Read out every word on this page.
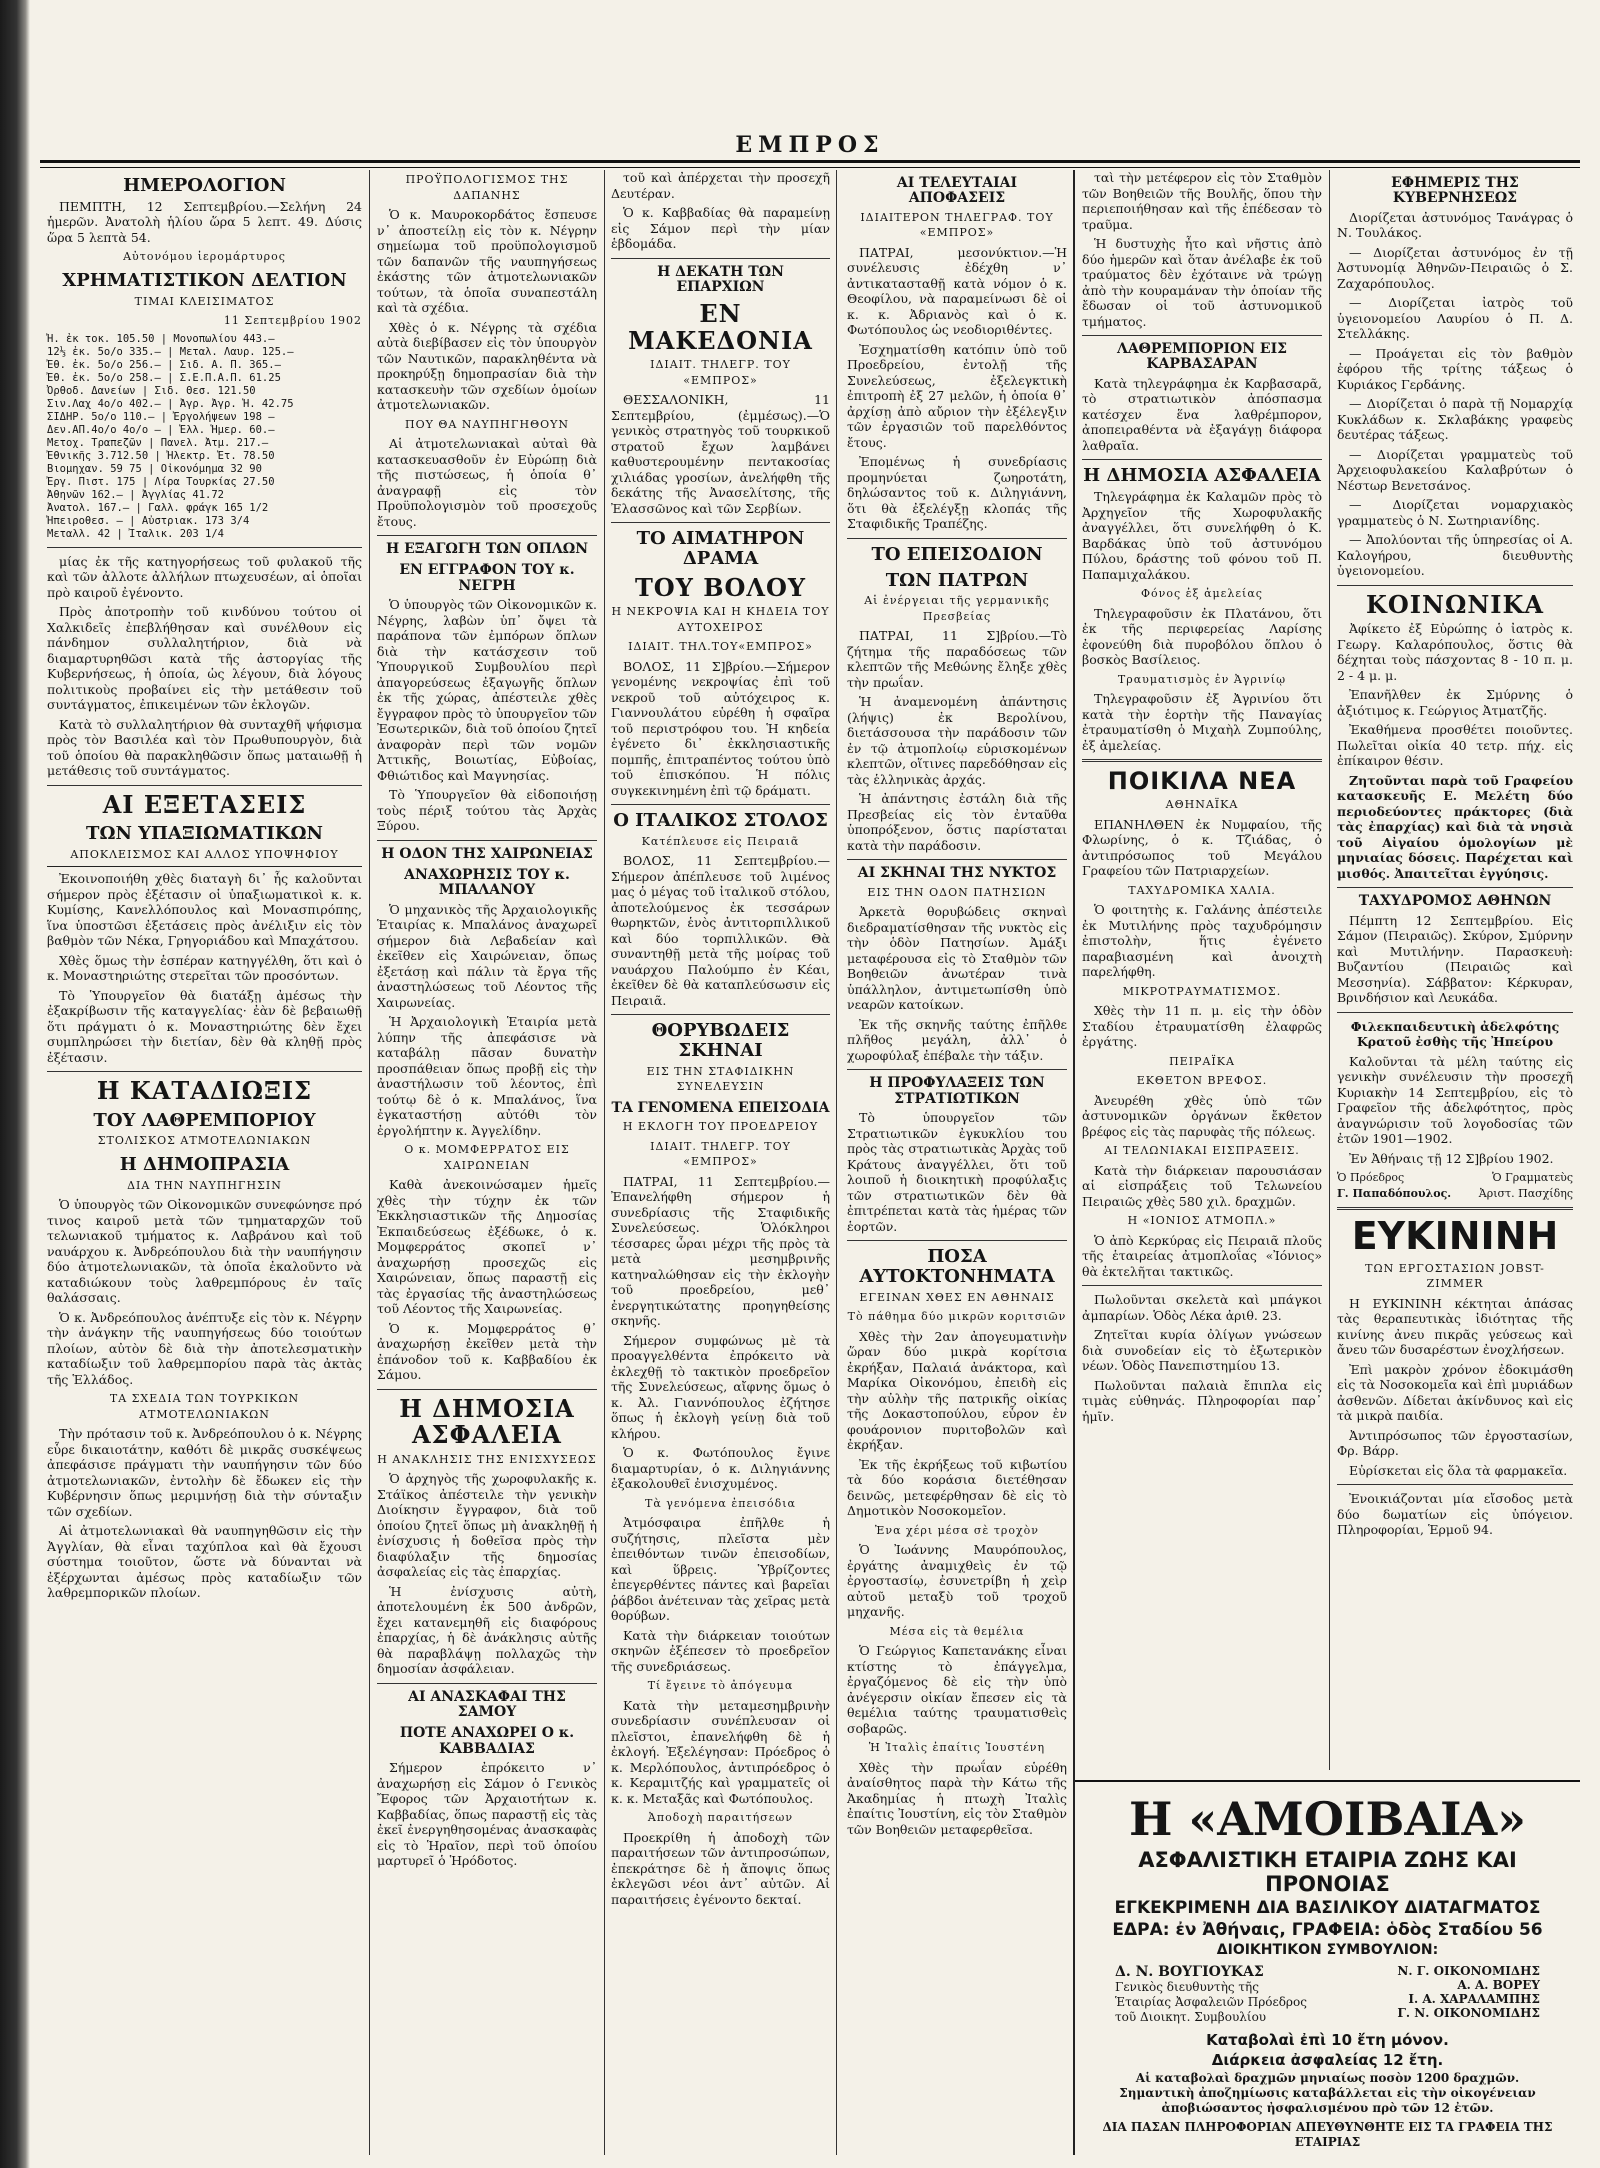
ΕΜΠΡΟΣ
ΗΜΕΡΟΛΟΓΙΟΝ

ΠΕΜΠΤΗ, 12 Σεπτεμβρίου.—Σελήνη 24 ἡμερῶν. Ἀνατολὴ ἡλίου ὥρα 5 λεπτ. 49. Δύσις ὥρα 5 λεπτὰ 54.

Αὐτονόμου ἱερομάρτυρος
ΧΡΗΜΑΤΙΣΤΙΚΟΝ ΔΕΛΤΙΟΝ
ΤΙΜΑΙ ΚΛΕΙΣΙΜΑΤΟΣ
11 Σεπτεμβρίου 1902
Ἠ. ἐκ τοκ. 105.50 | Μονοπωλίου 443.—
12⅓ ἐκ. 5ο/ο 335.— | Μεταλ. Λαυρ. 125.—
Ἐθ. ἐκ. 5ο/ο 256.— | Σιδ. Α. Π. 365.—
Ἐθ. ἐκ. 5ο/ο 258.— | Σ.Ε.Π.Α.Π. 61.25
Ὀρθοδ. Δανείων | Σιδ. Θεσ. 121.50
Σιν.Λαχ 4ο/ο 402.— | Ἀγρ. Ἀγρ. Ἡ. 42.75
ΣΙΔΗΡ. 5ο/ο 110.— | Ἐργολήψεων 198 —
Δεν.ΑΠ.4ο/ο 4ο/ο — | Ἑλλ. Ἡμερ. 60.—
Μετοχ. Τραπεζῶν | Πανελ. Ἀτμ. 217.—
Ἐθνικῆς 3.712.50 | Ἠλεκτρ. Ἑτ. 78.50
Βιομηχαν. 59 75 | Οἰκονόμημα 32 90
Ἐργ. Πιστ. 175 | Λίρα Τουρκίας 27.50
Ἀθηνῶν 162.— | Ἀγγλίας 41.72
Ἀνατολ. 167.— | Γαλλ. φράγκ 165 1/2
Ἠπειροθεσ. — | Αὐστριακ. 173 3/4
Μεταλλ. 42 | Ἰταλικ. 203 1/4

μίας ἐκ τῆς κατηγορήσεως τοῦ φυλακοῦ τῆς καὶ τῶν ἀλλοτε ἀλλήλων πτωχευσέων, αἱ ὁποῖαι πρὸ καιροῦ ἐγένοντο.

Πρὸς ἀποτροπὴν τοῦ κινδύνου τούτου οἱ Χαλκιδεῖς ἐπεβλήθησαν καὶ συνέλθουν εἰς πάνδημον συλλαλητήριον, διὰ νὰ διαμαρτυρηθῶσι κατὰ τῆς ἀστοργίας τῆς Κυβερνήσεως, ἡ ὁποία, ὡς λέγουν, διὰ λόγους πολιτικοὺς προβαίνει εἰς τὴν μετάθεσιν τοῦ συντάγματος, ἐπικειμένων τῶν ἐκλογῶν.

Κατὰ τὸ συλλαλητήριον θὰ συνταχθῆ ψήφισμα πρὸς τὸν Βασιλέα καὶ τὸν Πρωθυπουργὸν, διὰ τοῦ ὁποίου θὰ παρακληθῶσιν ὅπως ματαιωθῇ ἡ μετάθεσις τοῦ συντάγματος.

ΑΙ ΕΞΕΤΑΣΕΙΣ
ΤΩΝ ΥΠΑΞΙΩΜΑΤΙΚΩΝ
ΑΠΟΚΛΕΙΣΜΟΣ ΚΑΙ ΑΛΛΟΣ ΥΠΟΨΗΦΙΟΥ

Ἐκοινοποιήθη χθὲς διαταγὴ δι᾽ ἧς καλοῦνται σήμερον πρὸς ἐξέτασιν οἱ ὑπαξιωματικοὶ κ. κ. Κυμίσης, Κανελλόπουλος καὶ Μονασπιρόπης, ἵνα ὑποστῶσι ἐξετάσεις πρὸς ἀνέλιξιν εἰς τὸν βαθμὸν τῶν Νέκα, Γρηγοριάδου καὶ Μπαχάτσου.

Χθὲς ὅμως τὴν ἑσπέραν κατηγγέλθη, ὅτι καὶ ὁ κ. Μοναστηριώτης στερεῖται τῶν προσόντων.

Τὸ Ὑπουργεῖον θὰ διατάξῃ ἀμέσως τὴν ἐξακρίβωσιν τῆς καταγγελίας· ἐὰν δὲ βεβαιωθῇ ὅτι πράγματι ὁ κ. Μοναστηριώτης δὲν ἔχει συμπληρώσει τὴν διετίαν, δὲν θὰ κληθῇ πρὸς ἐξέτασιν.

Η ΚΑΤΑΔΙΩΞΙΣ
ΤΟΥ ΛΑΘΡΕΜΠΟΡΙΟΥ
ΣΤΟΛΙΣΚΟΣ ΑΤΜΟΤΕΛΩΝΙΑΚΩΝ
Η ΔΗΜΟΠΡΑΣΙΑ
ΔΙΑ ΤΗΝ ΝΑΥΠΗΓΗΣΙΝ

Ὁ ὑπουργὸς τῶν Οἰκονομικῶν συνεφώνησε πρό τινος καιροῦ μετὰ τῶν τμηματαρχῶν τοῦ τελωνιακοῦ τμήματος κ. Λαβράνου καὶ τοῦ ναυάρχου κ. Ἀνδρεόπουλου διὰ τὴν ναυπήγησιν δύο ἀτμοτελωνιακῶν, τὰ ὁποῖα ἐκαλοῦντο νὰ καταδιώκουν τοὺς λαθρεμπόρους ἐν ταῖς θαλάσσαις.

Ὁ κ. Ἀνδρεόπουλος ἀνέπτυξε εἰς τὸν κ. Νέγρην τὴν ἀνάγκην τῆς ναυπηγήσεως δύο τοιούτων πλοίων, αὐτὸν δὲ διὰ τὴν ἀποτελεσματικὴν καταδίωξιν τοῦ λαθρεμπορίου παρὰ τὰς ἀκτὰς τῆς Ἑλλάδος.

ΤΑ ΣΧΕΔΙΑ ΤΩΝ ΤΟΥΡΚΙΚΩΝ ΑΤΜΟΤΕΛΩΝΙΑΚΩΝ

Τὴν πρότασιν τοῦ κ. Ἀνδρεόπουλου ὁ κ. Νέγρης εὗρε δικαιοτάτην, καθότι δὲ μικρᾶς συσκέψεως ἀπεφάσισε πράγματι τὴν ναυπήγησιν τῶν δύο ἀτμοτελωνιακῶν, ἐντολὴν δὲ ἔδωκεν εἰς τὴν Κυβέρνησιν ὅπως μεριμνήσῃ διὰ τὴν σύνταξιν τῶν σχεδίων.

Αἱ ἀτμοτελωνιακαὶ θὰ ναυπηγηθῶσιν εἰς τὴν Ἀγγλίαν, θὰ εἶναι ταχύπλοα καὶ θὰ ἔχουσι σύστημα τοιοῦτον, ὥστε νὰ δύνανται νὰ ἐξέρχωνται ἀμέσως πρὸς καταδίωξιν τῶν λαθρεμπορικῶν πλοίων.

ΠΡΟΫΠΟΛΟΓΙΣΜΟΣ ΤΗΣ ΔΑΠΑΝΗΣ

Ὁ κ. Μαυροκορδάτος ἔσπευσε ν᾽ ἀποστείλῃ εἰς τὸν κ. Νέγρην σημείωμα τοῦ προϋπολογισμοῦ τῶν δαπανῶν τῆς ναυπηγήσεως ἑκάστης τῶν ἀτμοτελωνιακῶν τούτων, τὰ ὁποῖα συναπεστάλη καὶ τὰ σχέδια.

Χθὲς ὁ κ. Νέγρης τὰ σχέδια αὐτὰ διεβίβασεν εἰς τὸν ὑπουργὸν τῶν Ναυτικῶν, παρακληθέντα νὰ προκηρύξῃ δημοπρασίαν διὰ τὴν κατασκευὴν τῶν σχεδίων ὁμοίων ἀτμοτελωνιακῶν.

ΠΟΥ ΘΑ ΝΑΥΠΗΓΗΘΟΥΝ

Αἱ ἀτμοτελωνιακαὶ αὐταὶ θὰ κατασκευασθοῦν ἐν Εὐρώπῃ διὰ τῆς πιστώσεως, ἡ ὁποία θ᾽ ἀναγραφῇ εἰς τὸν Προϋπολογισμὸν τοῦ προσεχοῦς ἔτους.

Η ΕΞΑΓΩΓΗ ΤΩΝ ΟΠΛΩΝ
ΕΝ ΕΓΓΡΑΦΟΝ ΤΟΥ κ. ΝΕΓΡΗ

Ὁ ὑπουργὸς τῶν Οἰκονομικῶν κ. Νέγρης, λαβὼν ὑπ᾽ ὄψει τὰ παράπονα τῶν ἐμπόρων ὅπλων διὰ τὴν κατάσχεσιν τοῦ Ὑπουργικοῦ Συμβουλίου περὶ ἀπαγορεύσεως ἐξαγωγῆς ὅπλων ἐκ τῆς χώρας, ἀπέστειλε χθὲς ἔγγραφον πρὸς τὸ ὑπουργεῖον τῶν Ἐσωτερικῶν, διὰ τοῦ ὁποίου ζητεῖ ἀναφορὰν περὶ τῶν νομῶν Ἀττικῆς, Βοιωτίας, Εὐβοίας, Φθιώτιδος καὶ Μαγνησίας.

Τὸ Ὑπουργεῖον θὰ εἰδοποιήσῃ τοὺς πέριξ τούτου τὰς Ἀρχὰς Ξύρου.

Η ΟΔΟΝ ΤΗΣ ΧΑΙΡΩΝΕΙΑΣ
ΑΝΑΧΩΡΗΣΙΣ ΤΟΥ κ. ΜΠΑΛΑΝΟΥ

Ὁ μηχανικὸς τῆς Ἀρχαιολογικῆς Ἑταιρίας κ. Μπαλάνος ἀναχωρεῖ σήμερον διὰ Λεβαδείαν καὶ ἐκεῖθεν εἰς Χαιρώνειαν, ὅπως ἐξετάσῃ καὶ πάλιν τὰ ἔργα τῆς ἀναστηλώσεως τοῦ Λέοντος τῆς Χαιρωνείας.

Ἡ Ἀρχαιολογικὴ Ἑταιρία μετὰ λύπην τῆς ἀπεφάσισε νὰ καταβάλῃ πᾶσαν δυνατὴν προσπάθειαν ὅπως προβῇ εἰς τὴν ἀναστήλωσιν τοῦ λέοντος, ἐπὶ τούτῳ δὲ ὁ κ. Μπαλάνος, ἵνα ἐγκαταστήσῃ αὐτόθι τὸν ἐργολήπτην κ. Ἀγγελίδην.

Ο κ. ΜΟΜΦΕΡΡΑΤΟΣ ΕΙΣ ΧΑΙΡΩΝΕΙΑΝ

Καθὰ ἀνεκοινώσαμεν ἡμεῖς χθὲς τὴν τύχην ἐκ τῶν Ἐκκλησιαστικῶν τῆς Δημοσίας Ἐκπαιδεύσεως ἐξέδωκε, ὁ κ. Μομφερράτος σκοπεῖ ν᾽ ἀναχωρήσῃ προσεχῶς εἰς Χαιρώνειαν, ὅπως παραστῇ εἰς τὰς ἐργασίας τῆς ἀναστηλώσεως τοῦ Λέοντος τῆς Χαιρωνείας.

Ὁ κ. Μομφερράτος θ᾽ ἀναχωρήσῃ ἐκεῖθεν μετὰ τὴν ἐπάνοδον τοῦ κ. Καββαδίου ἐκ Σάμου.

Η ΔΗΜΟΣΙΑ ΑΣΦΑΛΕΙΑ
Η ΑΝΑΚΛΗΣΙΣ ΤΗΣ ΕΝΙΣΧΥΣΕΩΣ

Ὁ ἀρχηγὸς τῆς χωροφυλακῆς κ. Στάϊκος ἀπέστειλε τὴν γενικὴν Διοίκησιν ἔγγραφον, διὰ τοῦ ὁποίου ζητεῖ ὅπως μὴ ἀνακληθῇ ἡ ἐνίσχυσις ἡ δοθεῖσα πρὸς τὴν διαφύλαξιν τῆς δημοσίας ἀσφαλείας εἰς τὰς ἐπαρχίας.

Ἡ ἐνίσχυσις αὐτὴ, ἀποτελουμένη ἐκ 500 ἀνδρῶν, ἔχει κατανεμηθῆ εἰς διαφόρους ἐπαρχίας, ἡ δὲ ἀνάκλησις αὐτῆς θὰ παραβλάψῃ πολλαχῶς τὴν δημοσίαν ἀσφάλειαν.

ΑΙ ΑΝΑΣΚΑΦΑΙ ΤΗΣ ΣΑΜΟΥ
ΠΟΤΕ ΑΝΑΧΩΡΕΙ Ο κ. ΚΑΒΒΑΔΙΑΣ

Σήμερον ἐπρόκειτο ν᾽ ἀναχωρήσῃ εἰς Σάμον ὁ Γενικὸς Ἔφορος τῶν Ἀρχαιοτήτων κ. Καββαδίας, ὅπως παραστῇ εἰς τὰς ἐκεῖ ἐνεργηθησομένας ἀνασκαφὰς εἰς τὸ Ἡραῖον, περὶ τοῦ ὁποίου μαρτυρεῖ ὁ Ἡρόδοτος.

τοῦ καὶ ἀπέρχεται τὴν προσεχῆ Δευτέραν.

Ὁ κ. Καββαδίας θὰ παραμείνῃ εἰς Σάμον περὶ τὴν μίαν ἑβδομάδα.

Η ΔΕΚΑΤΗ ΤΩΝ ΕΠΑΡΧΙΩΝ
ΕΝ ΜΑΚΕΔΟΝΙΑ
ΙΔΙΑΙΤ. ΤΗΛΕΓΡ. ΤΟΥ «ΕΜΠΡΟΣ»

ΘΕΣΣΑΛΟΝΙΚΗ, 11 Σεπτεμβρίου, (ἐμμέσως).—Ὁ γενικὸς στρατηγὸς τοῦ τουρκικοῦ στρατοῦ ἔχων λαμβάνει καθυστερουμένην πεντακοσίας χιλιάδας γροσίων, ἀνελήφθη τῆς δεκάτης τῆς Ἀνασελίτσης, τῆς Ἐλασσῶνος καὶ τῶν Σερβίων.

ΤΟ ΑΙΜΑΤΗΡΟΝ ΔΡΑΜΑ
ΤΟΥ ΒΟΛΟΥ
Η ΝΕΚΡΟΨΙΑ ΚΑΙ Η ΚΗΔΕΙΑ ΤΟΥ ΑΥΤΟΧΕΙΡΟΣ
ΙΔΙΑΙΤ. ΤΗΛ.ΤΟΥ«ΕΜΠΡΟΣ»

ΒΟΛΟΣ, 11 Σ]βρίου.—Σήμερον γενομένης νεκροψίας ἐπὶ τοῦ νεκροῦ τοῦ αὐτόχειρος κ. Γιαννουλάτου εὑρέθη ἡ σφαῖρα τοῦ περιστρόφου του. Ἡ κηδεία ἐγένετο δι᾽ ἐκκλησιαστικῆς πομπῆς, ἐπιτραπέντος τούτου ὑπὸ τοῦ ἐπισκόπου. Ἡ πόλις συγκεκινημένη ἐπὶ τῷ δράματι.

Ο ΙΤΑΛΙΚΟΣ ΣΤΟΛΟΣ
Κατέπλευσε εἰς Πειραιᾶ

ΒΟΛΟΣ, 11 Σεπτεμβρίου.—Σήμερον ἀπέπλευσε τοῦ λιμένος μας ὁ μέγας τοῦ ἰταλικοῦ στόλου, ἀποτελούμενος ἐκ τεσσάρων θωρηκτῶν, ἑνὸς ἀντιτορπιλλικοῦ καὶ δύο τορπιλλικῶν. Θὰ συναντηθῇ μετὰ τῆς μοίρας τοῦ ναυάρχου Παλούμπο ἐν Κέαι, ἐκεῖθεν δὲ θὰ καταπλεύσωσιν εἰς Πειραιᾶ.

ΘΟΡΥΒΩΔΕΙΣ ΣΚΗΝΑΙ
ΕΙΣ ΤΗΝ ΣΤΑΦΙΔΙΚΗΝ ΣΥΝΕΛΕΥΣΙΝ
ΤΑ ΓΕΝΟΜΕΝΑ ΕΠΕΙΣΟΔΙΑ
Η ΕΚΛΟΓΗ ΤΟΥ ΠΡΟΕΔΡΕΙΟΥ
ΙΔΙΑΙΤ. ΤΗΛΕΓΡ. ΤΟΥ «ΕΜΠΡΟΣ»

ΠΑΤΡΑΙ, 11 Σεπτεμβρίου.—Ἐπανελήφθη σήμερον ἡ συνεδρίασις τῆς Σταφιδικῆς Συνελεύσεως. Ὁλόκληροι τέσσαρες ὧραι μέχρι τῆς πρὸς τὰ μετὰ μεσημβρινῆς κατηναλώθησαν εἰς τὴν ἐκλογὴν τοῦ προεδρείου, μεθ᾽ ἐνεργητικώτατης προηγηθείσης σκηνῆς.

Σήμερον συμφώνως μὲ τὰ προαγγελθέντα ἐπρόκειτο νὰ ἐκλεχθῇ τὸ τακτικὸν προεδρεῖον τῆς Συνελεύσεως, αἴφνης ὅμως ὁ κ. Ἀλ. Γιαννόπουλος ἐζήτησε ὅπως ἡ ἐκλογὴ γείνῃ διὰ τοῦ κλήρου.

Ὁ κ. Φωτόπουλος ἔγινε διαμαρτυρίαν, ὁ κ. Διληγιάννης ἐξακολουθεῖ ἐνισχυμένος.

Τὰ γενόμενα ἐπεισόδια

Ἀτμόσφαιρα ἐπῆλθε ἡ συζήτησις, πλεῖστα μὲν ἐπειθόντων τινῶν ἐπεισοδίων, καὶ ὕβρεις. Ὑβρίζοντες ἐπεγερθέντες πάντες καὶ βαρεῖαι ῥάβδοι ἀνέτειναν τὰς χεῖρας μετὰ θορύβων.

Κατὰ τὴν διάρκειαν τοιούτων σκηνῶν ἐξέπεσεν τὸ προεδρεῖον τῆς συνεδριάσεως.

Τί ἔγεινε τὸ ἀπόγευμα

Κατὰ τὴν μεταμεσημβρινὴν συνεδρίασιν συνέπλευσαν οἱ πλεῖστοι, ἐπανελήφθη δὲ ἡ ἐκλογή. Ἐξελέγησαν: Πρόεδρος ὁ κ. Μερλόπουλος, ἀντιπρόεδρος ὁ κ. Κεραμιτζής καὶ γραμματεῖς οἱ κ. κ. Μεταξᾶς καὶ Φωτόπουλος.

Ἀποδοχὴ παραιτήσεων

Προεκρίθη ἡ ἀποδοχὴ τῶν παραιτήσεων τῶν ἀντιπροσώπων, ἐπεκράτησε δὲ ἡ ἄποψις ὅπως ἐκλεγῶσι νέοι ἀντ᾽ αὐτῶν. Αἱ παραιτήσεις ἐγένοντο δεκταί.

ΑΙ ΤΕΛΕΥΤΑΙΑΙ ΑΠΟΦΑΣΕΙΣ
ΙΔΙΑΙΤΕΡΟΝ ΤΗΛΕΓΡΑΦ. ΤΟΥ «ΕΜΠΡΟΣ»

ΠΑΤΡΑΙ, μεσονύκτιον.—Ἡ συνέλευσις ἐδέχθη ν᾽ ἀντικατασταθῇ κατὰ νόμον ὁ κ. Θεοφίλου, νὰ παραμείνωσι δὲ οἱ κ. κ. Ἀδριανὸς καὶ ὁ κ. Φωτόπουλος ὡς νεοδιοριθέντες.

Ἐσχηματίσθη κατόπιν ὑπὸ τοῦ Προεδρείου, ἐντολῇ τῆς Συνελεύσεως, ἐξελεγκτικὴ ἐπιτροπὴ ἐξ 27 μελῶν, ἡ ὁποία θ᾽ ἀρχίσῃ ἀπὸ αὔριον τὴν ἐξέλεγξιν τῶν ἐργασιῶν τοῦ παρελθόντος ἔτους.

Ἐπομένως ἡ συνεδρίασις προμηνύεται ζωηροτάτη, δηλώσαντος τοῦ κ. Διληγιάννη, ὅτι θὰ ἐξελέγξῃ κλοπάς τῆς Σταφιδικῆς Τραπέζης.

ΤΟ ΕΠΕΙΣΟΔΙΟΝ
ΤΩΝ ΠΑΤΡΩΝ
Αἱ ἐνέργειαι τῆς γερμανικῆς Πρεσβείας

ΠΑΤΡΑΙ, 11 Σ]βρίου.—Τὸ ζήτημα τῆς παραδόσεως τῶν κλεπτῶν τῆς Μεθώνης ἔληξε χθὲς τὴν πρωΐαν.

Ἡ ἀναμενομένη ἀπάντησις (λήψις) ἐκ Βερολίνου, διετάσσουσα τὴν παράδοσιν τῶν ἐν τῷ ἀτμοπλοίῳ εὑρισκομένων κλεπτῶν, οἵτινες παρεδόθησαν εἰς τὰς ἑλληνικὰς ἀρχάς.

Ἡ ἀπάντησις ἐστάλη διὰ τῆς Πρεσβείας εἰς τὸν ἐνταῦθα ὑποπρόξενον, ὅστις παρίσταται κατὰ τὴν παράδοσιν.

ΑΙ ΣΚΗΝΑΙ ΤΗΣ ΝΥΚΤΟΣ
ΕΙΣ ΤΗΝ ΟΔΟΝ ΠΑΤΗΣΙΩΝ

Ἀρκετὰ θορυβώδεις σκηναὶ διεδραματίσθησαν τῆς νυκτὸς εἰς τὴν ὁδὸν Πατησίων. Ἀμάξι μεταφέρουσα εἰς τὸ Σταθμὸν τῶν Βοηθειῶν ἀνωτέραν τινὰ ὑπάλληλον, ἀντιμετωπίσθη ὑπὸ νεαρῶν κατοίκων.

Ἐκ τῆς σκηνῆς ταύτης ἐπῆλθε πλῆθος μεγάλη, ἀλλ᾽ ὁ χωροφύλαξ ἐπέβαλε τὴν τάξιν.

Η ΠΡΟΦΥΛΑΞΕΙΣ ΤΩΝ ΣΤΡΑΤΙΩΤΙΚΩΝ

Τὸ ὑπουργεῖον τῶν Στρατιωτικῶν ἐγκυκλίου του πρὸς τὰς στρατιωτικὰς Ἀρχὰς τοῦ Κράτους ἀναγγέλλει, ὅτι τοῦ λοιποῦ ἡ διοικητικὴ προφύλαξις τῶν στρατιωτικῶν δὲν θὰ ἐπιτρέπεται κατὰ τὰς ἡμέρας τῶν ἑορτῶν.

ΠΟΣΑ ΑΥΤΟΚΤΟΝΗΜΑΤΑ
ΕΓΕΙΝΑΝ ΧΘΕΣ ΕΝ ΑΘΗΝΑΙΣ
Τὸ πάθημα δύο μικρῶν κοριτσιῶν

Χθὲς τὴν 2αν ἀπογευματινὴν ὥραν δύο μικρὰ κορίτσια ἐκρήξαν, Παλαιά ἀνάκτορα, καὶ Μαρίκα Οἰκονόμου, ἐπειδὴ εἰς τὴν αὐλὴν τῆς πατρικῆς οἰκίας τῆς Δοκαστοπούλου, εὗρον ἐν φουάρονιον πυριτοβολῶν καὶ ἐκρήξαν.

Ἐκ τῆς ἐκρήξεως τοῦ κιβωτίου τὰ δύο κοράσια διετέθησαν δεινῶς, μετεφέρθησαν δὲ εἰς τὸ Δημοτικὸν Νοσοκομεῖον.

Ἐνα χέρι μέσα σὲ τροχὸν

Ὁ Ἰωάννης Μαυρόπουλος, ἐργάτης ἀναμιχθεὶς ἐν τῷ ἐργοστασίῳ, ἐσυνετρίβη ἡ χεὶρ αὐτοῦ μεταξὺ τοῦ τροχοῦ μηχανῆς.

Μέσα εἰς τὰ θεμέλια

Ὁ Γεώργιος Καπετανάκης εἶναι κτίστης τὸ ἐπάγγελμα, ἐργαζόμενος δὲ εἰς τὴν ὑπὸ ἀνέγερσιν οἰκίαν ἔπεσεν εἰς τὰ θεμέλια ταύτης τραυματισθεὶς σοβαρῶς.

Ἡ Ἰταλὶς ἐπαίτις Ἰουστένη

Χθὲς τὴν πρωΐαν εὑρέθη ἀναίσθητος παρὰ τὴν Κάτω τῆς Ἀκαδημίας ἡ πτωχὴ Ἰταλὶς ἐπαίτις Ἰουστίνη, εἰς τὸν Σταθμὸν τῶν Βοηθειῶν μεταφερθεῖσα.

ταὶ τὴν μετέφερον εἰς τὸν Σταθμὸν τῶν Βοηθειῶν τῆς Βουλῆς, ὅπου τὴν περιεποιήθησαν καὶ τῆς ἐπέδεσαν τὸ τραῦμα.

Ἡ δυστυχὴς ἦτο καὶ νῆστις ἀπὸ δύο ἡμερῶν καὶ ὅταν ἀνέλαβε ἐκ τοῦ τραύματος δὲν ἐχόταινε νὰ τρώγῃ ἀπὸ τὴν κουραμάναν τὴν ὁποίαν τῆς ἔδωσαν οἱ τοῦ ἀστυνομικοῦ τμήματος.

ΛΑΘΡΕΜΠΟΡΙΟΝ ΕΙΣ ΚΑΡΒΑΣΑΡΑΝ

Κατὰ τηλεγράφημα ἐκ Καρβασαρᾶ, τὸ στρατιωτικὸν ἀπόσπασμα κατέσχεν ἕνα λαθρέμπορον, ἀποπειραθέντα νὰ ἐξαγάγῃ διάφορα λαθραῖα.

Η ΔΗΜΟΣΙΑ ΑΣΦΑΛΕΙΑ

Τηλεγράφημα ἐκ Καλαμῶν πρὸς τὸ Ἀρχηγεῖον τῆς Χωροφυλακῆς ἀναγγέλλει, ὅτι συνελήφθη ὁ Κ. Βαρδάκας ὑπὸ τοῦ ἀστυνόμου Πύλου, δράστης τοῦ φόνου τοῦ Π. Παπαμιχαλάκου.

Φόνος ἐξ ἀμελείας

Τηλεγραφοῦσιν ἐκ Πλατάνου, ὅτι ἐκ τῆς περιφερείας Λαρίσης ἐφονεύθη διὰ πυροβόλου ὅπλου ὁ βοσκὸς Βασίλειος.

Τραυματισμὸς ἐν Ἀγρινίῳ

Τηλεγραφοῦσιν ἐξ Ἀγρινίου ὅτι κατὰ τὴν ἑορτὴν τῆς Παναγίας ἐτραυματίσθη ὁ Μιχαὴλ Ζυμπούλης, ἐξ ἀμελείας.

ΠΟΙΚΙΛΑ ΝΕΑ
ΑΘΗΝΑΪΚΑ

ΕΠΑΝΗΛΘΕΝ ἐκ Νυμφαίου, τῆς Φλωρίνης, ὁ κ. Τζιάδας, ὁ ἀντιπρόσωπος τοῦ Μεγάλου Γραφείου τῶν Πατριαρχείων.

ΤΑΧΥΔΡΟΜΙΚΑ ΧΑΛΙΑ.

Ὁ φοιτητὴς κ. Γαλάνης ἀπέστειλε ἐκ Μυτιλήνης πρὸς ταχυδρόμησιν ἐπιστολὴν, ἥτις ἐγένετο παραβιασμένη καὶ ἀνοιχτὴ παρελήφθη.

ΜΙΚΡΟΤΡΑΥΜΑΤΙΣΜΟΣ.

Χθὲς τὴν 11 π. μ. εἰς τὴν ὁδὸν Σταδίου ἐτραυματίσθη ἐλαφρῶς ἐργάτης.

ΠΕΙΡΑΪΚΑ
ΕΚΘΕΤΟΝ ΒΡΕΦΟΣ.

Ἀνευρέθη χθὲς ὑπὸ τῶν ἀστυνομικῶν ὀργάνων ἔκθετον βρέφος εἰς τὰς παρυφὰς τῆς πόλεως.

ΑΙ ΤΕΛΩΝΙΑΚΑΙ ΕΙΣΠΡΑΞΕΙΣ.

Κατὰ τὴν διάρκειαν παρουσιάσαν αἱ εἰσπράξεις τοῦ Τελωνείου Πειραιῶς χθὲς 580 χιλ. δραχμῶν.

Η «ΙΟΝΙΟΣ ΑΤΜΟΠΛ.»

Ὁ ἀπὸ Κερκύρας εἰς Πειραιᾶ πλοῦς τῆς ἑταιρείας ἀτμοπλοΐας «Ἰόνιος» θὰ ἐκτελῆται τακτικῶς.

Πωλοῦνται σκελετὰ καὶ μπάγκοι ἀμπαρίων. Ὁδὸς Λέκα ἀριθ. 23.

Ζητεῖται κυρία ὀλίγων γνώσεων διὰ συνοδείαν εἰς τὸ ἐξωτερικὸν νέων. Ὁδὸς Πανεπιστημίου 13.

Πωλοῦνται παλαιὰ ἔπιπλα εἰς τιμὰς εὐθηνάς. Πληροφορίαι παρ᾽ ἡμῖν.

ΕΦΗΜΕΡΙΣ ΤΗΣ ΚΥΒΕΡΝΗΣΕΩΣ

Διορίζεται ἀστυνόμος Τανάγρας ὁ Ν. Τουλάκος.

— Διορίζεται ἀστυνόμος ἐν τῇ Ἀστυνομίᾳ Ἀθηνῶν-Πειραιῶς ὁ Σ. Ζαχαρόπουλος.

— Διορίζεται ἰατρὸς τοῦ ὑγειονομείου Λαυρίου ὁ Π. Δ. Στελλάκης.

— Προάγεται εἰς τὸν βαθμὸν ἐφόρου τῆς τρίτης τάξεως ὁ Κυριάκος Γερδάνης.

— Διορίζεται ὁ παρὰ τῇ Νομαρχίᾳ Κυκλάδων κ. Σκλαβάκης γραφεὺς δευτέρας τάξεως.

— Διορίζεται γραμματεὺς τοῦ Ἀρχειοφυλακείου Καλαβρύτων ὁ Νέστωρ Βενετσάνος.

— Διορίζεται νομαρχιακὸς γραμματεὺς ὁ Ν. Σωτηριανίδης.

— Ἀπολύονται τῆς ὑπηρεσίας οἱ Α. Καλογήρου, διευθυντὴς ὑγειονομείου.

ΚΟΙΝΩΝΙΚΑ

Ἀφίκετο ἐξ Εὐρώπης ὁ ἰατρὸς κ. Γεωργ. Καλαρόπουλος, ὅστις θὰ δέχηται τοὺς πάσχοντας 8 - 10 π. μ. 2 - 4 μ. μ.

Ἐπανῆλθεν ἐκ Σμύρνης ὁ ἀξιότιμος κ. Γεώργιος Ἀτματζῆς.

Ἐκαθήμενα προσθέτει ποιοῦντες. Πωλεῖται οἰκία 40 τετρ. πήχ. εἰς ἐπίκαιρον θέσιν.

Ζητοῦνται παρὰ τοῦ Γραφείου κατασκευῆς Ε. Μελέτη δύο περιοδεύοντες πράκτορες (διὰ τὰς ἐπαρχίας) καὶ διὰ τὰ νησιὰ τοῦ Αἰγαίου ὁμολογίων μὲ μηνιαίας δόσεις. Παρέχεται καὶ μισθός. Ἀπαιτεῖται ἐγγύησις.

ΤΑΧΥΔΡΟΜΟΣ ΑΘΗΝΩΝ

Πέμπτη 12 Σεπτεμβρίου. Εἰς Σάμον (Πειραιῶς). Σκύρον, Σμύρνην καὶ Μυτιλήνην. Παρασκευὴ: Βυζαντίου (Πειραιῶς καὶ Μεσσηνία). Σάββατον: Κέρκυραν, Βρινδήσιον καὶ Λευκάδα.

Φιλεκπαιδευτικὴ ἀδελφότης Κρατοῦ ἐσθὴς τῆς Ἠπείρου

Καλοῦνται τὰ μέλη ταύτης εἰς γενικὴν συνέλευσιν τὴν προσεχῆ Κυριακὴν 14 Σεπτεμβρίου, εἰς τὸ Γραφεῖον τῆς ἀδελφότητος, πρὸς ἀναγνώρισιν τοῦ λογοδοσίας τῶν ἐτῶν 1901—1902.

Ἐν Ἀθήναις τῇ 12 Σ]βρίου 1902.

Ὁ Πρόεδρος
Γ. Παπαδόπουλος.
Ὁ Γραμματεὺς
Ἀριστ. Πασχίδης
ΕΥΚΙΝΙΝΗ
ΤΩΝ ΕΡΓΟΣΤΑΣΙΩΝ JOBST-ZIMMER

Η ΕΥΚΙΝΙΝΗ κέκτηται ἁπάσας τὰς θεραπευτικὰς ἰδιότητας τῆς κινίνης ἀνευ πικρᾶς γεύσεως καὶ ἄνευ τῶν δυσαρέστων ἐνοχλήσεων.

Ἐπὶ μακρὸν χρόνον ἐδοκιμάσθη εἰς τὰ Νοσοκομεῖα καὶ ἐπὶ μυριάδων ἀσθενῶν. Δίδεται ἀκίνδυνος καὶ εἰς τὰ μικρὰ παιδία.

Ἀντιπρόσωπος τῶν ἐργοστασίων, Φρ. Βάρρ.

Εὐρίσκεται εἰς ὅλα τὰ φαρμακεῖα.

Ἐνοικιάζονται μία εἴσοδος μετὰ δύο δωματίων εἰς ὑπόγειον. Πληροφορίαι, Ἑρμοῦ 94.

Η «ΑΜΟΙΒΑΙΑ»
ΑΣΦΑΛΙΣΤΙΚΗ ΕΤΑΙΡΙΑ ΖΩΗΣ ΚΑΙ ΠΡΟΝΟΙΑΣ
ΕΓΚΕΚΡΙΜΕΝΗ ΔΙΑ ΒΑΣΙΛΙΚΟΥ ΔΙΑΤΑΓΜΑΤΟΣ
ΕΔΡΑ: ἐν Ἀθήναις, ΓΡΑΦΕΙΑ: ὁδὸς Σταδίου 56
ΔΙΟΙΚΗΤΙΚΟΝ ΣΥΜΒΟΥΛΙΟΝ:
Δ. Ν. ΒΟΥΓΙΟΥΚΑΣ
Γενικὸς διευθυντὴς τῆς Ἑταιρίας Ἀσφαλειῶν Πρόεδρος τοῦ Διοικητ. Συμβουλίου
Ν. Γ. ΟΙΚΟΝΟΜΙΔΗΣ
Α. Α. ΒΟΡΕΥ
Ι. Α. ΧΑΡΑΛΑΜΠΗΣ
Γ. Ν. ΟΙΚΟΝΟΜΙΔΗΣ
Καταβολαὶ ἐπὶ 10 ἔτη μόνον.
Διάρκεια ἀσφαλείας 12 ἔτη.
Αἱ καταβολαὶ δραχμῶν μηνιαίως ποσὸν 1200 δραχμῶν.
Σημαντικὴ ἀποζημίωσις καταβάλλεται εἰς τὴν οἰκογένειαν ἀποβιώσαντος ἠσφαλισμένου πρὸ τῶν 12 ἐτῶν.
ΔΙΑ ΠΑΣΑΝ ΠΛΗΡΟΦΟΡΙΑΝ ΑΠΕΥΘΥΝΘΗΤΕ ΕΙΣ ΤΑ ΓΡΑΦΕΙΑ ΤΗΣ ΕΤΑΙΡΙΑΣ
